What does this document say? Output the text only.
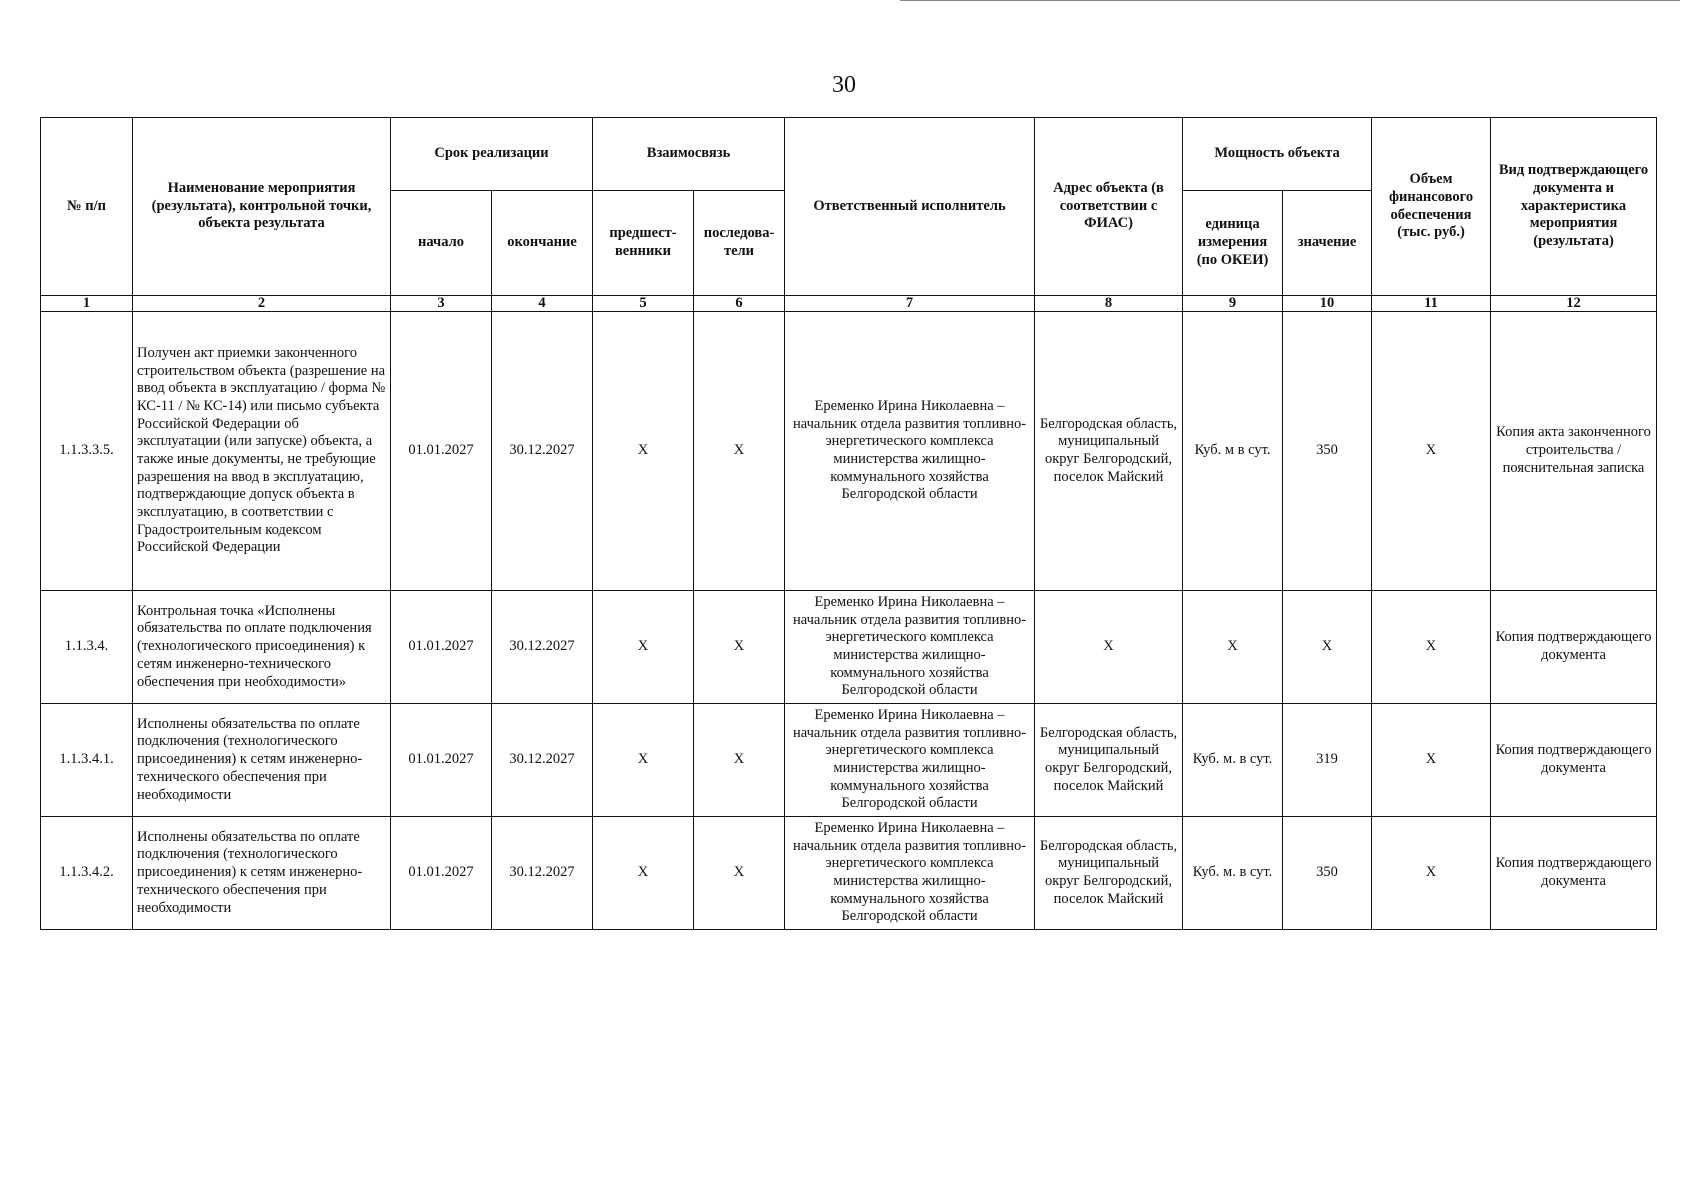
30
№ п/п	Наименование мероприятия (результата), контрольной точки, объекта результата	Срок реализации		Взаимосвязь		Ответственный исполнитель	Адрес объекта (в соответствии с ФИАС)	Мощность объекта		Объем финансового обеспечения (тыс. руб.)	Вид подтверждающего документа и характеристика мероприятия (результата)
		начало	окончание	предшест-венники	последова-тели			единица измерения (по ОКЕИ)	значение		
1	2	3	4	5	6	7	8	9	10	11	12
1.1.3.3.5.	Получен акт приемки законченного строительством объекта (разрешение на ввод объекта в эксплуатацию / форма № КС-11 / № КС-14) или письмо субъекта Российской Федерации об эксплуатации (или запуске) объекта, а также иные документы, не требующие разрешения на ввод в эксплуатацию, подтверждающие допуск объекта в эксплуатацию, в соответствии с Градостроительным кодексом Российской Федерации	01.01.2027	30.12.2027	X	X	Еременко Ирина Николаевна – начальник отдела развития топливно-энергетического комплекса министерства жилищно-коммунального хозяйства Белгородской области	Белгородская область, муниципальный округ Белгородский, поселок Майский	Куб. м в сут.	350	X	Копия акта законченного строительства / пояснительная записка
1.1.3.4.	Контрольная точка «Исполнены обязательства по оплате подключения (технологического присоединения) к сетям инженерно-технического обеспечения при необходимости»	01.01.2027	30.12.2027	X	X	Еременко Ирина Николаевна – начальник отдела развития топливно-энергетического комплекса министерства жилищно-коммунального хозяйства Белгородской области	X	X	X	X	Копия подтверждающего документа
1.1.3.4.1.	Исполнены обязательства по оплате подключения (технологического присоединения) к сетям инженерно-технического обеспечения при необходимости	01.01.2027	30.12.2027	X	X	Еременко Ирина Николаевна – начальник отдела развития топливно-энергетического комплекса министерства жилищно-коммунального хозяйства Белгородской области	Белгородская область, муниципальный округ Белгородский, поселок Майский	Куб. м. в сут.	319	X	Копия подтверждающего документа
1.1.3.4.2.	Исполнены обязательства по оплате подключения (технологического присоединения) к сетям инженерно-технического обеспечения при необходимости	01.01.2027	30.12.2027	X	X	Еременко Ирина Николаевна – начальник отдела развития топливно-энергетического комплекса министерства жилищно-коммунального хозяйства Белгородской области	Белгородская область, муниципальный округ Белгородский, поселок Майский	Куб. м. в сут.	350	X	Копия подтверждающего документа
